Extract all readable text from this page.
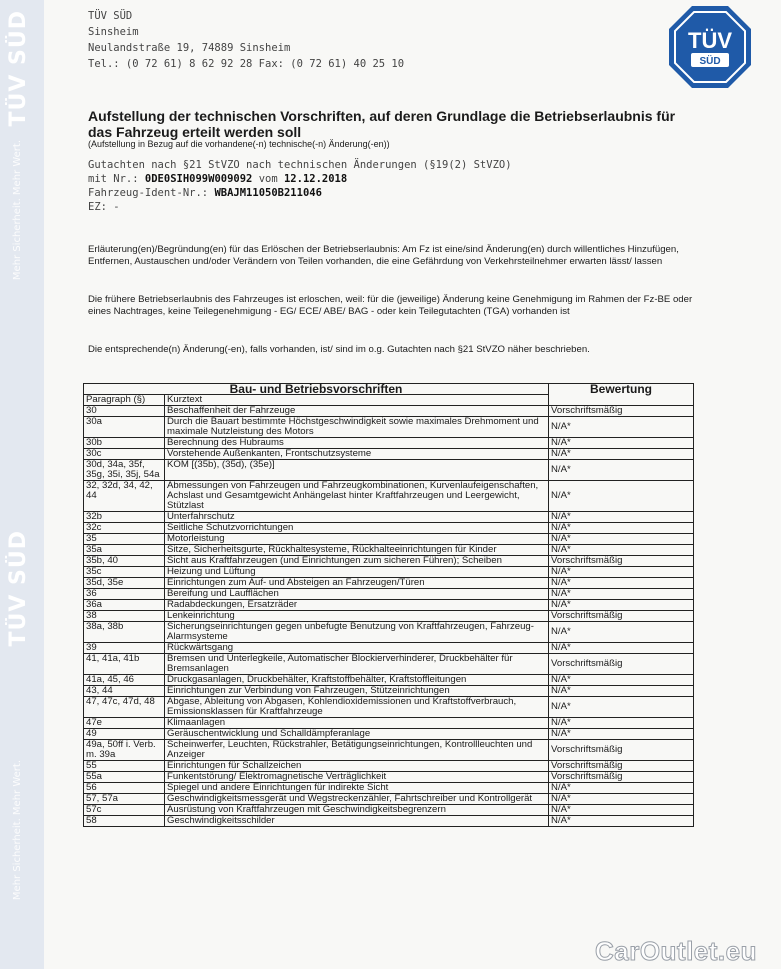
TÜV SÜD
Mehr Sicherheit. Mehr Wert.
TÜV SÜD
Mehr Sicherheit. Mehr Wert.
TÜV
SÜD
TÜV SÜD
Sinsheim
Neulandstraße 19, 74889 Sinsheim
Tel.: (0 72 61) 8 62 92 28 Fax: (0 72 61) 40 25 10
Aufstellung der technischen Vorschriften, auf deren Grundlage die Betriebserlaubnis für das Fahrzeug erteilt werden soll
(Aufstellung in Bezug auf die vorhandene(-n) technische(-n) Änderung(-en))
Gutachten nach §21 StVZO nach technischen Änderungen (§19(2) StVZO)
mit Nr.: 0DE0SIH099W009092 vom 12.12.2018
Fahrzeug-Ident-Nr.: WBAJM11050B211046
EZ: -
Erläuterung(en)/Begründung(en) für das Erlöschen der Betriebserlaubnis: Am Fz ist eine/sind Änderung(en) durch willentliches Hinzufügen, Entfernen, Austauschen und/oder Verändern von Teilen vorhanden, die eine Gefährdung von Verkehrsteilnehmer erwarten lässt/ lassen
Die frühere Betriebserlaubnis des Fahrzeuges ist erloschen, weil: für die (jeweilige) Änderung keine Genehmigung im Rahmen der Fz-BE oder eines Nachtrages, keine Teilegenehmigung - EG/ ECE/ ABE/ BAG - oder kein Teilegutachten (TGA) vorhanden ist
Die entsprechende(n) Änderung(-en), falls vorhanden, ist/ sind im o.g. Gutachten nach §21 StVZO näher beschrieben.
Bau- und Betriebsvorschriften		Bewertung
Paragraph (§)	Kurztext	
30	Beschaffenheit der Fahrzeuge	Vorschriftsmäßig
30a	Durch die Bauart bestimmte Höchstgeschwindigkeit sowie maximales Drehmoment und maximale Nutzleistung des Motors	N/A*
30b	Berechnung des Hubraums	N/A*
30c	Vorstehende Außenkanten, Frontschutzsysteme	N/A*
30d, 34a, 35f, 35g, 35i, 35j, 54a	KOM [(35b), (35d), (35e)]	N/A*
32, 32d, 34, 42, 44	Abmessungen von Fahrzeugen und Fahrzeugkombinationen, Kurvenlaufeigenschaften, Achslast und Gesamtgewicht Anhängelast hinter Kraftfahrzeugen und Leergewicht, Stützlast	N/A*
32b	Unterfahrschutz	N/A*
32c	Seitliche Schutzvorrichtungen	N/A*
35	Motorleistung	N/A*
35a	Sitze, Sicherheitsgurte, Rückhaltesysteme, Rückhalteeinrichtungen für Kinder	N/A*
35b, 40	Sicht aus Kraftfahrzeugen (und Einrichtungen zum sicheren Führen); Scheiben	Vorschriftsmäßig
35c	Heizung und Lüftung	N/A*
35d, 35e	Einrichtungen zum Auf- und Absteigen an Fahrzeugen/Türen	N/A*
36	Bereifung und Laufflächen	N/A*
36a	Radabdeckungen, Ersatzräder	N/A*
38	Lenkeinrichtung	Vorschriftsmäßig
38a, 38b	Sicherungseinrichtungen gegen unbefugte Benutzung von Kraftfahrzeugen, Fahrzeug-Alarmsysteme	N/A*
39	Rückwärtsgang	N/A*
41, 41a, 41b	Bremsen und Unterlegkeile, Automatischer Blockierverhinderer, Druckbehälter für Bremsanlagen	Vorschriftsmäßig
41a, 45, 46	Druckgasanlagen, Druckbehälter, Kraftstoffbehälter, Kraftstoffleitungen	N/A*
43, 44	Einrichtungen zur Verbindung von Fahrzeugen, Stützeinrichtungen	N/A*
47, 47c, 47d, 48	Abgase, Ableitung von Abgasen, Kohlendioxidemissionen und Kraftstoffverbrauch, Emissionsklassen für Kraftfahrzeuge	N/A*
47e	Klimaanlagen	N/A*
49	Geräuschentwicklung und Schalldämpferanlage	N/A*
49a, 50ff i. Verb. m. 39a	Scheinwerfer, Leuchten, Rückstrahler, Betätigungseinrichtungen, Kontrollleuchten und Anzeiger	Vorschriftsmäßig
55	Einrichtungen für Schallzeichen	Vorschriftsmäßig
55a	Funkentstörung/ Elektromagnetische Verträglichkeit	Vorschriftsmäßig
56	Spiegel und andere Einrichtungen für indirekte Sicht	N/A*
57, 57a	Geschwindigkeitsmessgerät und Wegstreckenzähler, Fahrtschreiber und Kontrollgerät	N/A*
57c	Ausrüstung von Kraftfahrzeugen mit Geschwindigkeitsbegrenzern	N/A*
58	Geschwindigkeitsschilder	N/A*
CarOutlet.eu
